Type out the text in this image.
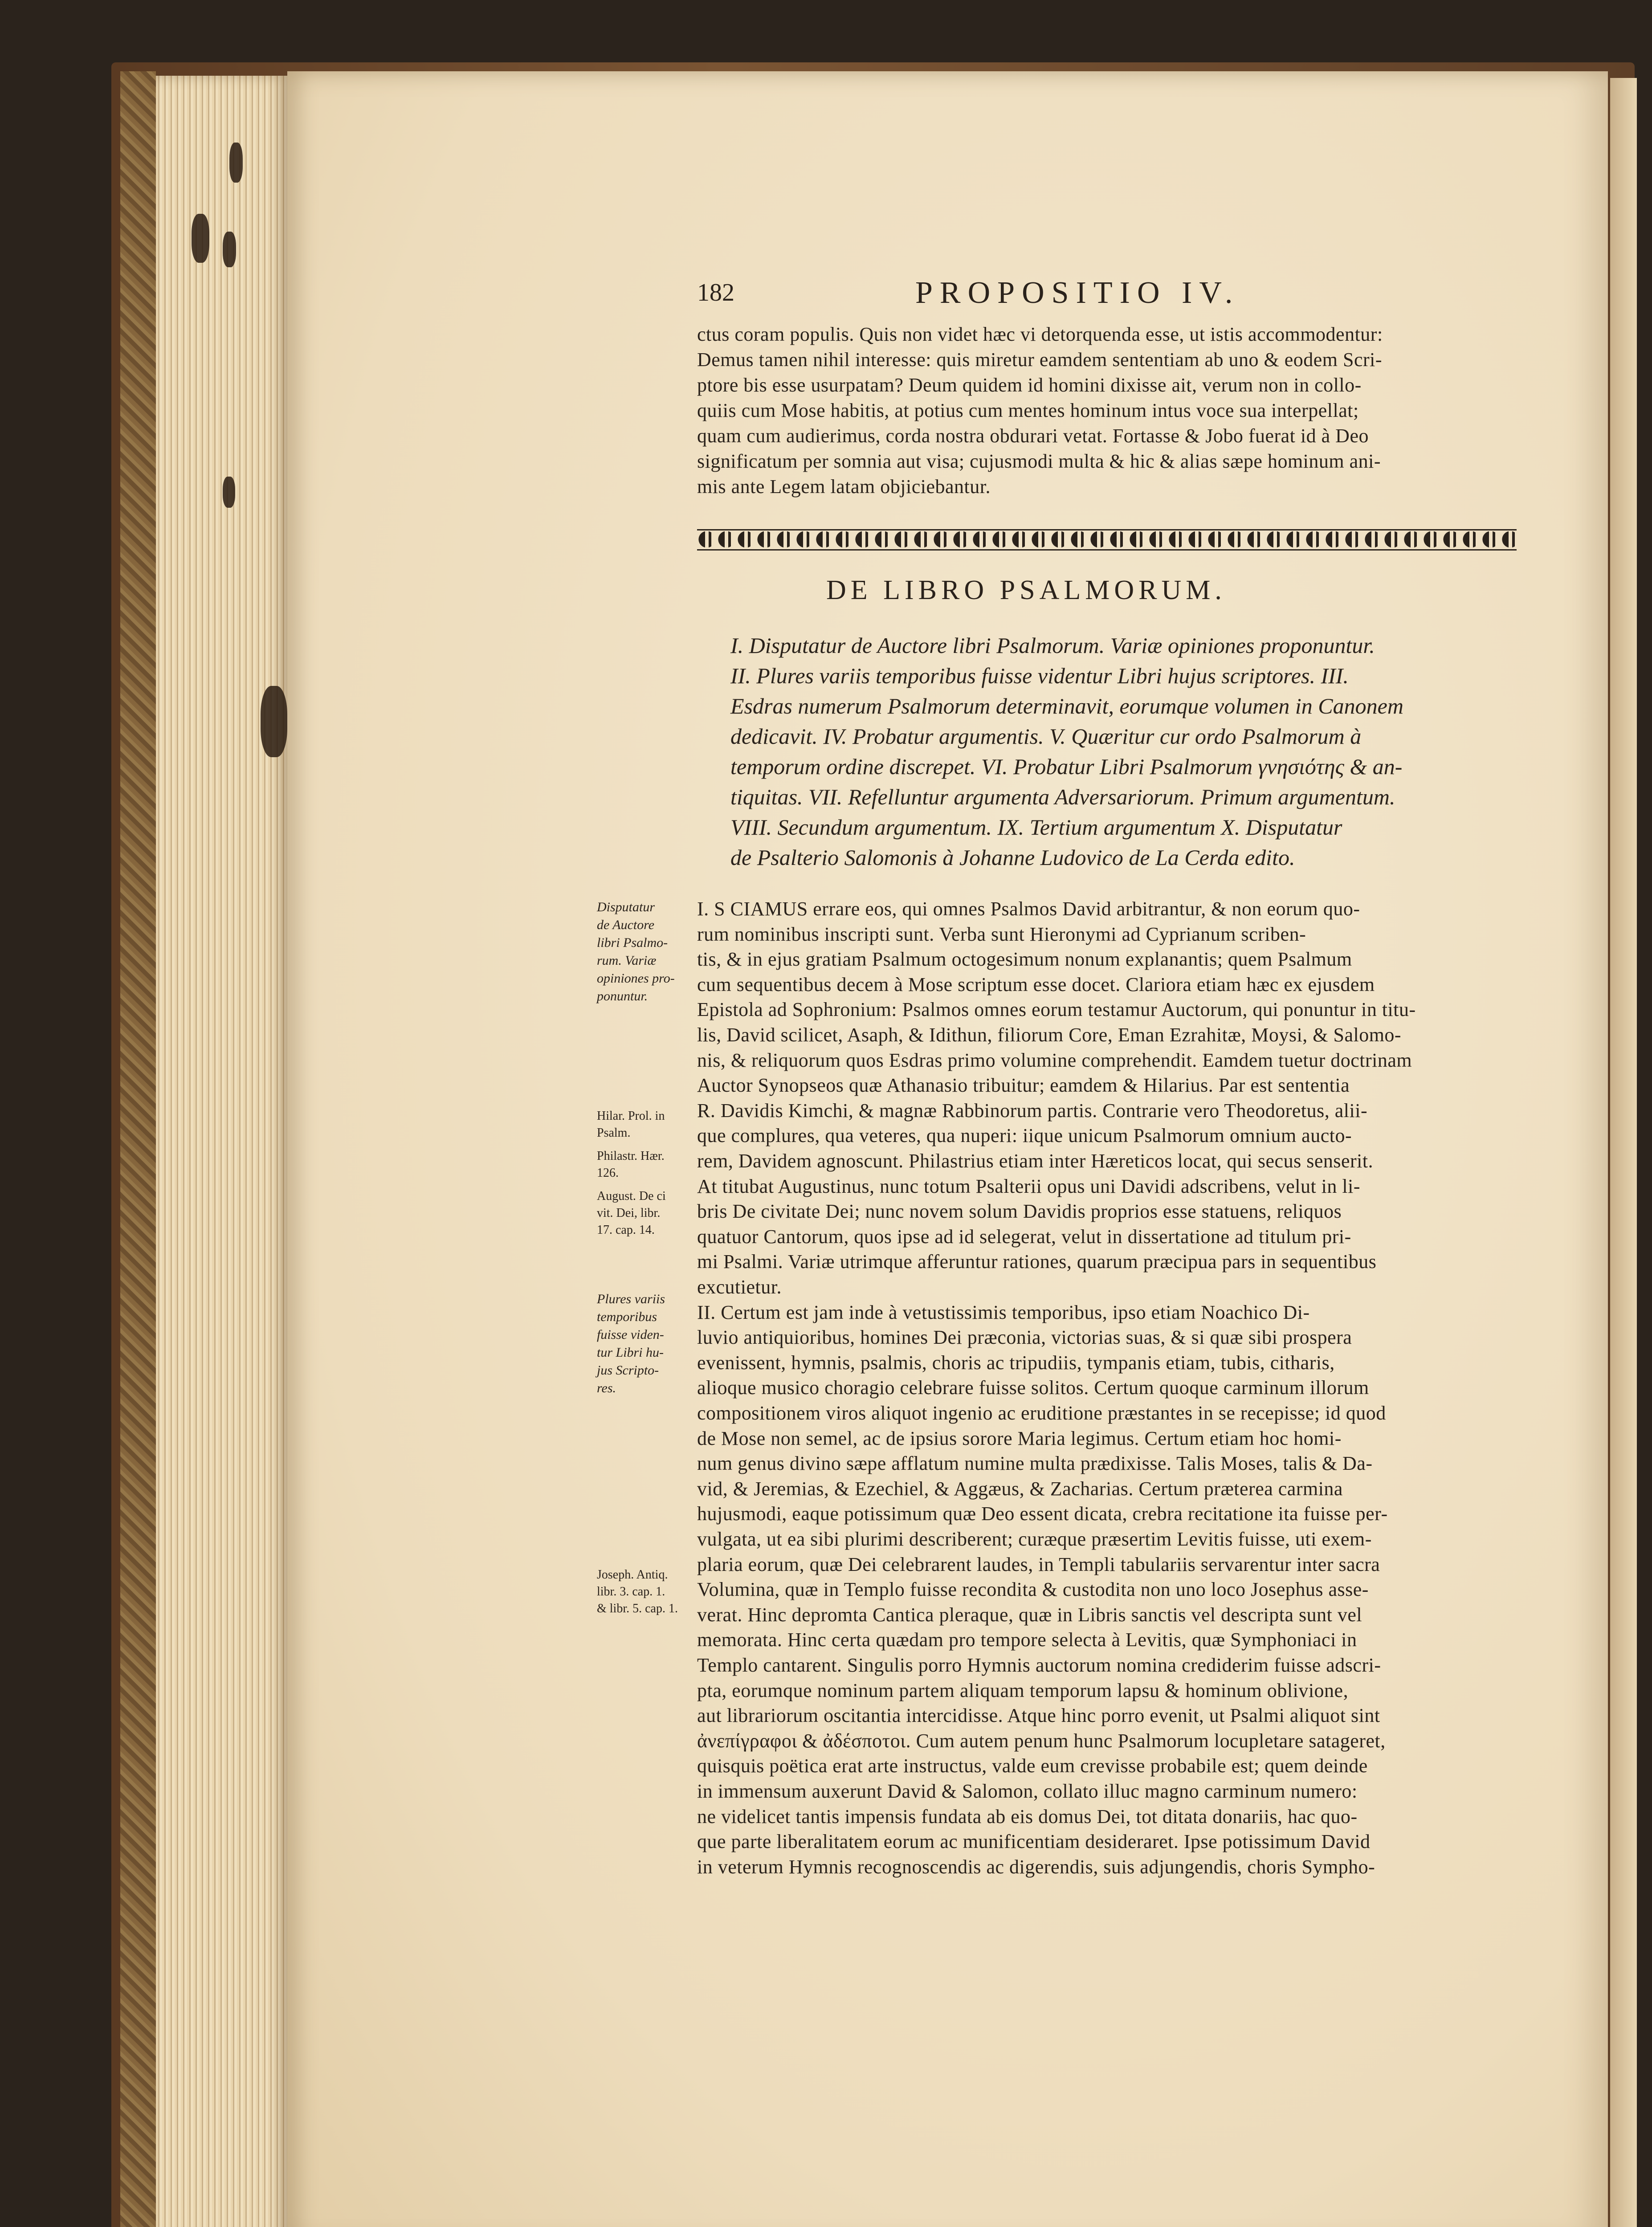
182	PROPOSITIO IV.
ctus coram populis. Quis non videt hæc vi detorquenda esse, ut istis accommodentur:
Demus tamen nihil interesse: quis miretur eamdem sententiam ab uno & eodem Scri-
ptore bis esse usurpatam? Deum quidem id homini dixisse ait, verum non in collo-
quiis cum Mose habitis, at potius cum mentes hominum intus voce sua interpellat;
quam cum audierimus, corda nostra obdurari vetat. Fortasse & Jobo fuerat id à Deo
significatum per somnia aut visa; cujusmodi multa & hic & alias sæpe hominum ani-
mis ante Legem latam objiciebantur.
DE LIBRO PSALMORUM.
I. Disputatur de Auctore libri Psalmorum. Variæ opiniones proponuntur.
II. Plures variis temporibus fuisse videntur Libri hujus scriptores. III.
Esdras numerum Psalmorum determinavit, eorumque volumen in Canonem
dedicavit. IV. Probatur argumentis. V. Quæritur cur ordo Psalmorum à
temporum ordine discrepet. VI. Probatur Libri Psalmorum γνησιότης & an-
tiquitas. VII. Refelluntur argumenta Adversariorum. Primum argumentum.
VIII. Secundum argumentum. IX. Tertium argumentum X. Disputatur
de Psalterio Salomonis à Johanne Ludovico de La Cerda edito.
I. S CIAMUS errare eos, qui omnes Psalmos David arbitrantur, & non eorum quo-
rum nominibus inscripti sunt. Verba sunt Hieronymi ad Cyprianum scriben-
tis, & in ejus gratiam Psalmum octogesimum nonum explanantis; quem Psalmum
cum sequentibus decem à Mose scriptum esse docet. Clariora etiam hæc ex ejusdem
Epistola ad Sophronium: Psalmos omnes eorum testamur Auctorum, qui ponuntur in titu-
lis, David scilicet, Asaph, & Idithun, filiorum Core, Eman Ezrahitæ, Moysi, & Salomo-
nis, & reliquorum quos Esdras primo volumine comprehendit. Eamdem tuetur doctrinam
Auctor Synopseos quæ Athanasio tribuitur; eamdem & Hilarius. Par est sententia
R. Davidis Kimchi, & magnæ Rabbinorum partis. Contrarie vero Theodoretus, alii-
que complures, qua veteres, qua nuperi: iique unicum Psalmorum omnium aucto-
rem, Davidem agnoscunt. Philastrius etiam inter Hæreticos locat, qui secus senserit.
At titubat Augustinus, nunc totum Psalterii opus uni Davidi adscribens, velut in li-
bris De civitate Dei; nunc novem solum Davidis proprios esse statuens, reliquos
quatuor Cantorum, quos ipse ad id selegerat, velut in dissertatione ad titulum pri-
mi Psalmi. Variæ utrimque afferuntur rationes, quarum præcipua pars in sequentibus
excutietur.
II. Certum est jam inde à vetustissimis temporibus, ipso etiam Noachico Di-
luvio antiquioribus, homines Dei præconia, victorias suas, & si quæ sibi prospera
evenissent, hymnis, psalmis, choris ac tripudiis, tympanis etiam, tubis, citharis,
alioque musico choragio celebrare fuisse solitos. Certum quoque carminum illorum
compositionem viros aliquot ingenio ac eruditione præstantes in se recepisse; id quod
de Mose non semel, ac de ipsius sorore Maria legimus. Certum etiam hoc homi-
num genus divino sæpe afflatum numine multa prædixisse. Talis Moses, talis & Da-
vid, & Jeremias, & Ezechiel, & Aggæus, & Zacharias. Certum præterea carmina
hujusmodi, eaque potissimum quæ Deo essent dicata, crebra recitatione ita fuisse per-
vulgata, ut ea sibi plurimi describerent; curæque præsertim Levitis fuisse, uti exem-
plaria eorum, quæ Dei celebrarent laudes, in Templi tabulariis servarentur inter sacra
Volumina, quæ in Templo fuisse recondita & custodita non uno loco Josephus asse-
verat. Hinc depromta Cantica pleraque, quæ in Libris sanctis vel descripta sunt vel
memorata. Hinc certa quædam pro tempore selecta à Levitis, quæ Symphoniaci in
Templo cantarent. Singulis porro Hymnis auctorum nomina crediderim fuisse adscri-
pta, eorumque nominum partem aliquam temporum lapsu & hominum oblivione,
aut librariorum oscitantia intercidisse. Atque hinc porro evenit, ut Psalmi aliquot sint
ἀνεπίγραφοι & ἀδέσποτοι. Cum autem penum hunc Psalmorum locupletare satageret,
quisquis poëtica erat arte instructus, valde eum crevisse probabile est; quem deinde
in immensum auxerunt David & Salomon, collato illuc magno carminum numero:
ne videlicet tantis impensis fundata ab eis domus Dei, tot ditata donariis, hac quo-
que parte liberalitatem eorum ac munificentiam desideraret. Ipse potissimum David
in veterum Hymnis recognoscendis ac digerendis, suis adjungendis, choris Sympho-
Disputatur
de Auctore
libri Psalmo-
rum. Variæ
opiniones pro-
ponuntur.
Hilar. Prol. in
Psalm.
Philastr. Hær.
126.
August. De ci
vit. Dei, libr.
17. cap. 14.
Plures variis
temporibus
fuisse viden-
tur Libri hu-
jus Scripto-
res.
Joseph. Antiq.
libr. 3. cap. 1.
& libr. 5. cap. 1.
